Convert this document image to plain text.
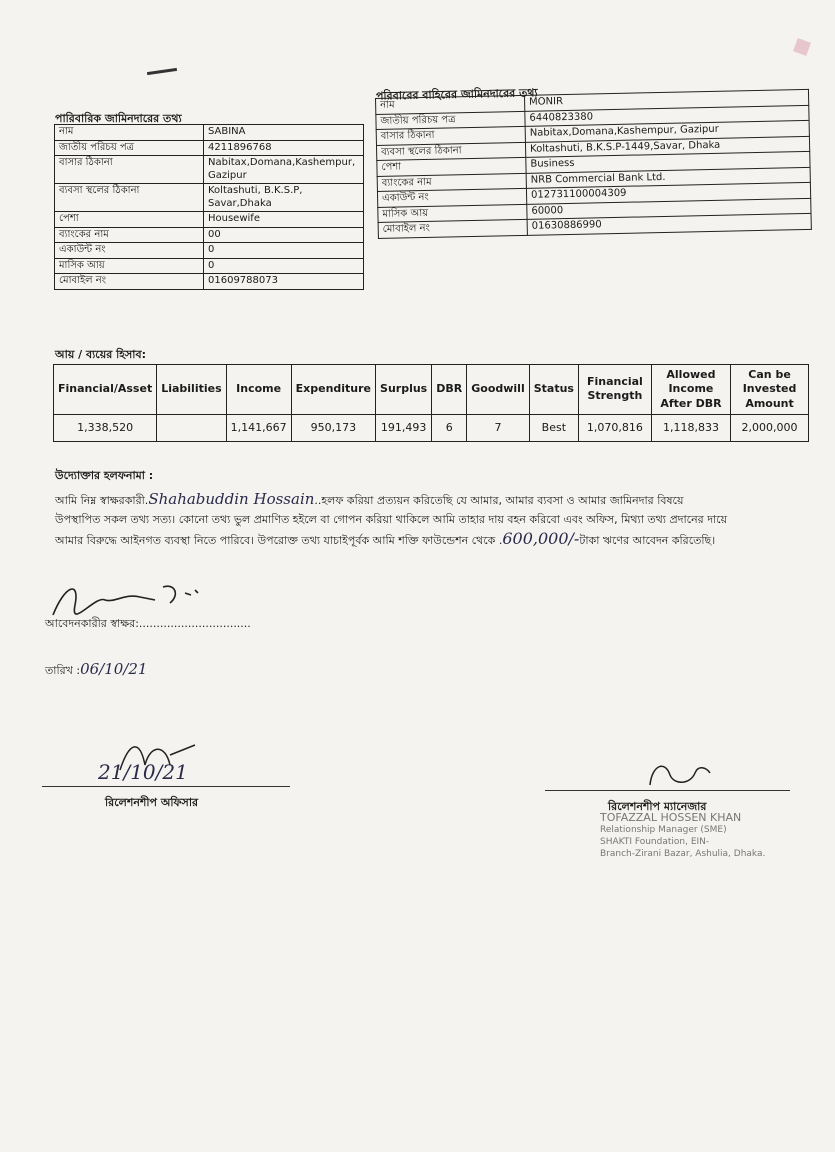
পারিবারিক জামিনদারের তথ্য
নাম	SABINA
জাতীয় পরিচয় পত্র	4211896768
বাসার ঠিকানা	Nabitax,Domana,Kashempur, Gazipur
ব্যবসা স্থলের ঠিকানা	Koltashuti, B.K.S.P, Savar,Dhaka
পেশা	Housewife
ব্যাংকের নাম	00
একাউন্ট নং	0
মাসিক আয়	0
মোবাইল নং	01609788073
পরিবারের বাহিরের জামিনদারের তথ্য
নাম	MONIR
জাতীয় পরিচয় পত্র	6440823380
বাসার ঠিকানা	Nabitax,Domana,Kashempur, Gazipur
ব্যবসা স্থলের ঠিকানা	Koltashuti, B.K.S.P-1449,Savar, Dhaka
পেশা	Business
ব্যাংকের নাম	NRB Commercial Bank Ltd.
একাউন্ট নং	012731100004309
মাসিক আয়	60000
মোবাইল নং	01630886990
আয় / ব্যয়ের হিসাব:
Financial/Asset	Liabilities	Income	Expenditure	Surplus	DBR	Goodwill	Status	Financial Strength	Allowed Income After DBR	Can be Invested Amount
1,338,520		1,141,667	950,173	191,493	6	7	Best	1,070,816	1,118,833	2,000,000
উদ্যোক্তার হলফনামা :
আমি নিম্ন স্বাক্ষরকারী.Shahabuddin Hossain..হলফ করিয়া প্রত্যয়ন করিতেছি যে আমার, আমার ব্যবসা ও আমার জামিনদার বিষয়ে
উপস্থাপিত সকল তথ্য সত্য। কোনো তথ্য ভুল প্রমাণিত হইলে বা গোপন করিয়া থাকিলে আমি তাহার দায় বহন করিবো এবং অফিস, মিথ্যা তথ্য প্রদানের দায়ে
আমার বিরুদ্ধে আইনগত ব্যবস্থা নিতে পারিবে। উপরোক্ত তথ্য যাচাইপূর্বক আমি শক্তি ফাউন্ডেশন থেকে .600,000/-টাকা ঋণের আবেদন করিতেছি।
আবেদনকারীর স্বাক্ষর:................................
তারিখ :06/10/21
21/10/21
রিলেশনশীপ অফিসার	রিলেশনশীপ ম্যানেজার
TOFAZZAL HOSSEN KHAN
Relationship Manager (SME)
SHAKTI Foundation, EIN-
Branch-Zirani Bazar, Ashulia, Dhaka.
